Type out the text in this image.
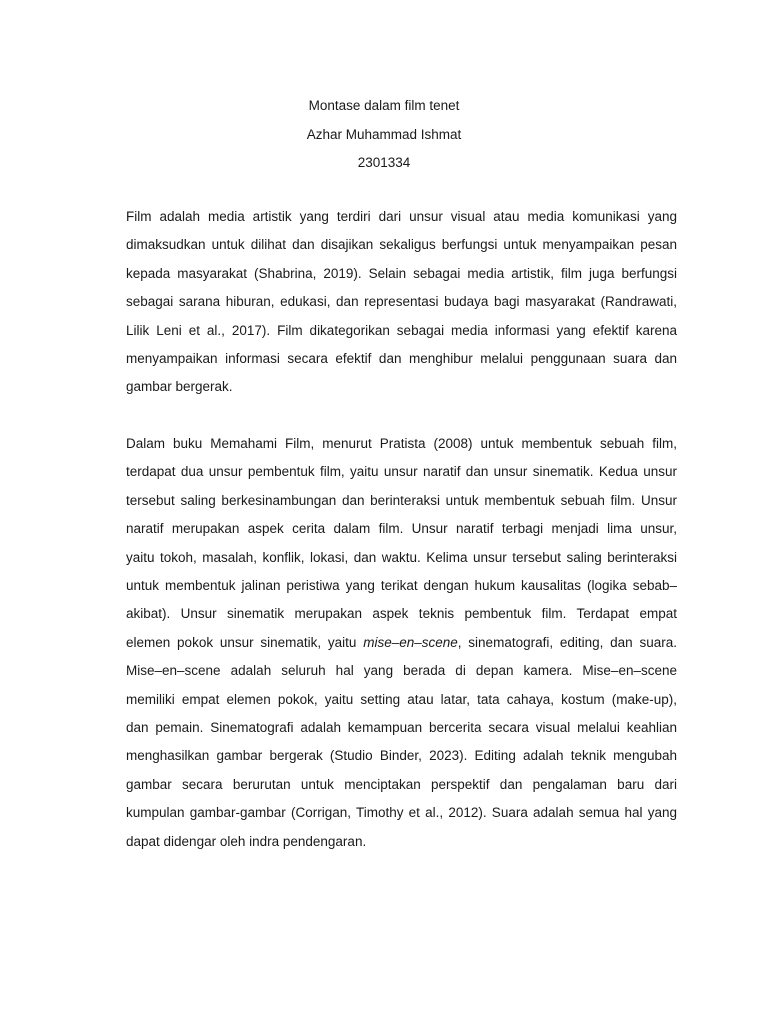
Montase dalam film tenet
Azhar Muhammad Ishmat
2301334
Film adalah media artistik yang terdiri dari unsur visual atau media komunikasi yang
dimaksudkan untuk dilihat dan disajikan sekaligus berfungsi untuk menyampaikan pesan
kepada masyarakat (Shabrina, 2019). Selain sebagai media artistik, film juga berfungsi
sebagai sarana hiburan, edukasi, dan representasi budaya bagi masyarakat (Randrawati,
Lilik Leni et al., 2017). Film dikategorikan sebagai media informasi yang efektif karena
menyampaikan informasi secara efektif dan menghibur melalui penggunaan suara dan
gambar bergerak.
Dalam buku Memahami Film, menurut Pratista (2008) untuk membentuk sebuah film,
terdapat dua unsur pembentuk film, yaitu unsur naratif dan unsur sinematik. Kedua unsur
tersebut saling berkesinambungan dan berinteraksi untuk membentuk sebuah film. Unsur
naratif merupakan aspek cerita dalam film. Unsur naratif terbagi menjadi lima unsur,
yaitu tokoh, masalah, konflik, lokasi, dan waktu. Kelima unsur tersebut saling berinteraksi
untuk membentuk jalinan peristiwa yang terikat dengan hukum kausalitas (logika sebab–
akibat). Unsur sinematik merupakan aspek teknis pembentuk film. Terdapat empat
elemen pokok unsur sinematik, yaitu mise–en–scene, sinematografi, editing, dan suara.
Mise–en–scene adalah seluruh hal yang berada di depan kamera. Mise–en–scene
memiliki empat elemen pokok, yaitu setting atau latar, tata cahaya, kostum (make-up),
dan pemain. Sinematografi adalah kemampuan bercerita secara visual melalui keahlian
menghasilkan gambar bergerak (Studio Binder, 2023). Editing adalah teknik mengubah
gambar secara berurutan untuk menciptakan perspektif dan pengalaman baru dari
kumpulan gambar-gambar (Corrigan, Timothy et al., 2012). Suara adalah semua hal yang
dapat didengar oleh indra pendengaran.
